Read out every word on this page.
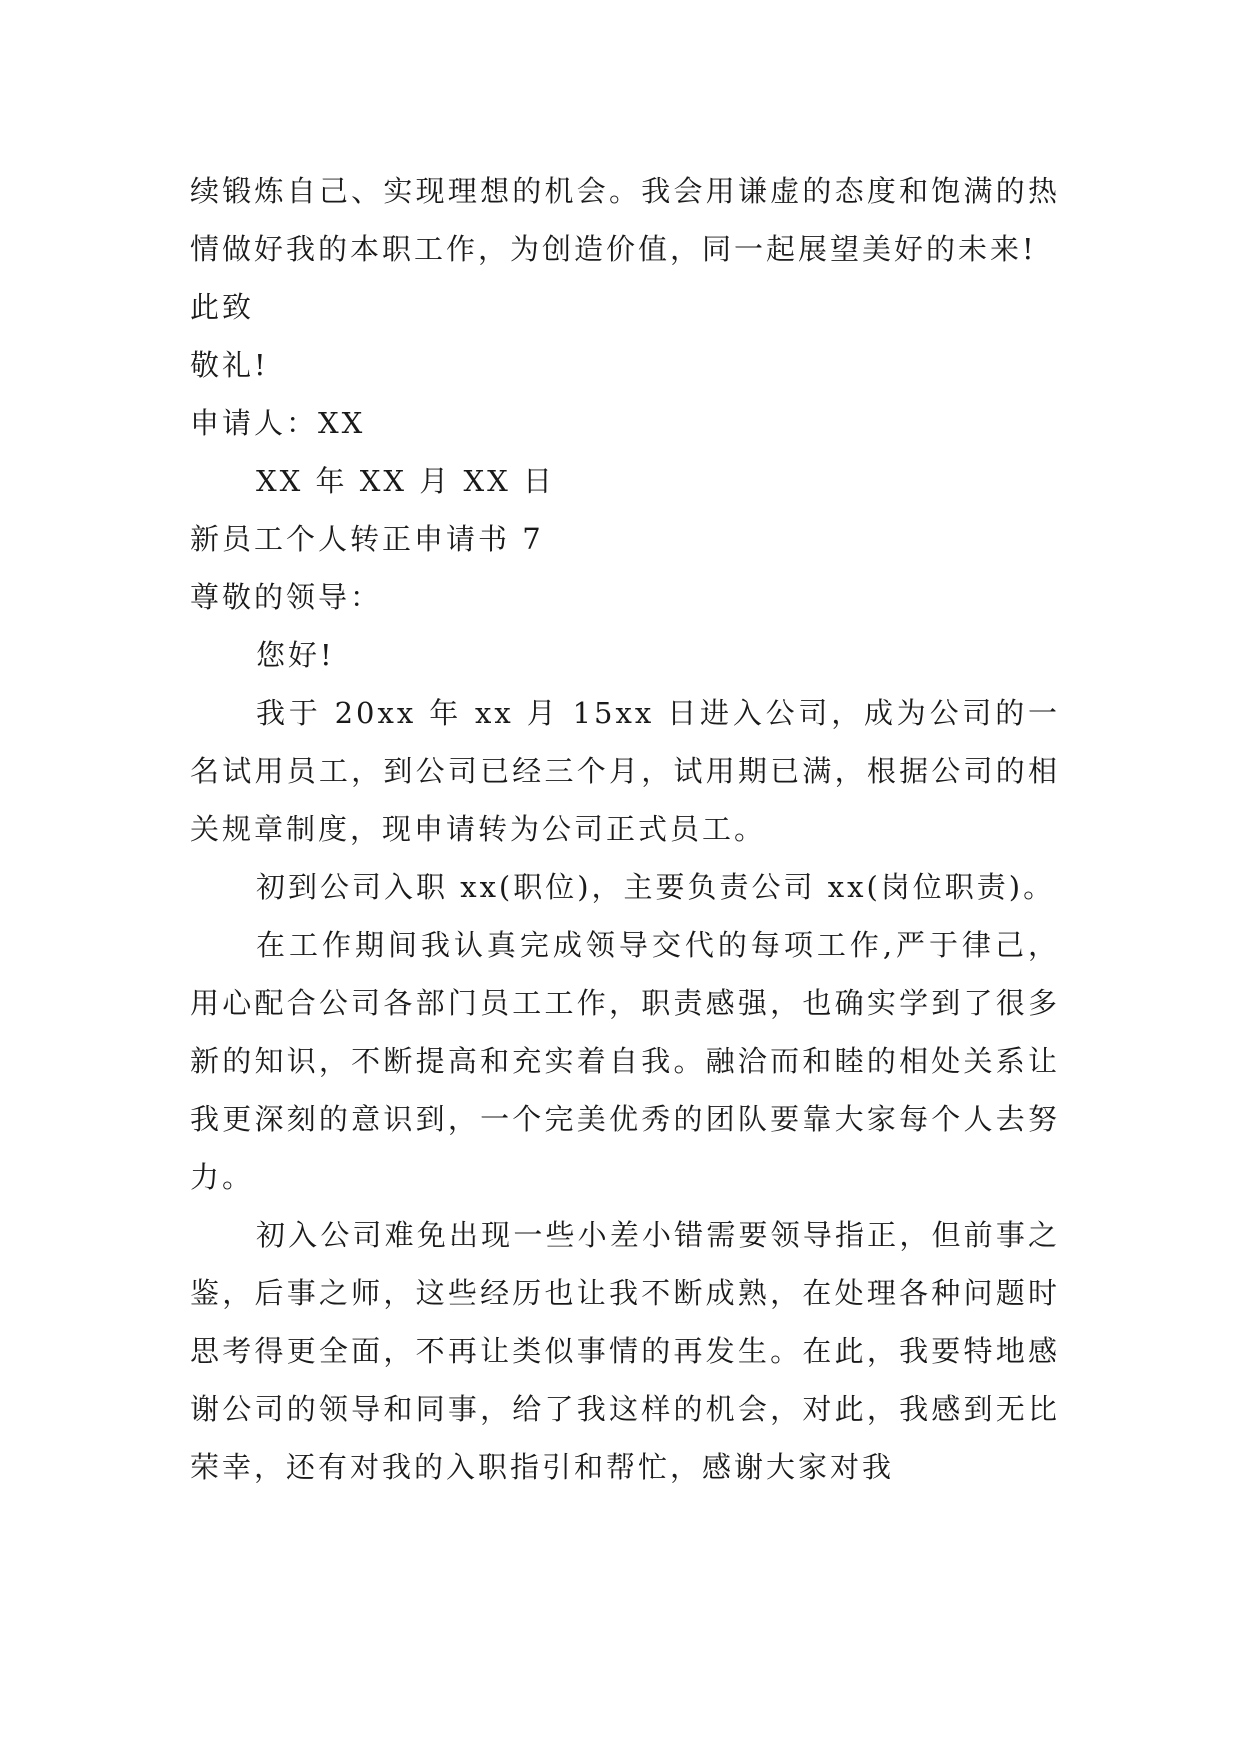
续锻炼自己、实现理想的机会。我会用谦虚的态度和饱满的热情做好我的本职工作，为创造价值，同一起展望美好的未来!

此致

敬礼!

申请人：XX

XX 年 XX 月 XX 日

新员工个人转正申请书 7

尊敬的领导：

您好!

我于 20xx 年 xx 月 15xx 日进入公司，成为公司的一名试用员工，到公司已经三个月，试用期已满，根据公司的相关规章制度，现申请转为公司正式员工。

初到公司入职 xx(职位)，主要负责公司 xx(岗位职责)。

在工作期间我认真完成领导交代的每项工作,严于律己，用心配合公司各部门员工工作，职责感强，也确实学到了很多新的知识，不断提高和充实着自我。融洽而和睦的相处关系让我更深刻的意识到，一个完美优秀的团队要靠大家每个人去努力。

初入公司难免出现一些小差小错需要领导指正，但前事之鉴，后事之师，这些经历也让我不断成熟，在处理各种问题时思考得更全面，不再让类似事情的再发生。在此，我要特地感谢公司的领导和同事，给了我这样的机会，对此，我感到无比荣幸，还有对我的入职指引和帮忙，感谢大家对我
